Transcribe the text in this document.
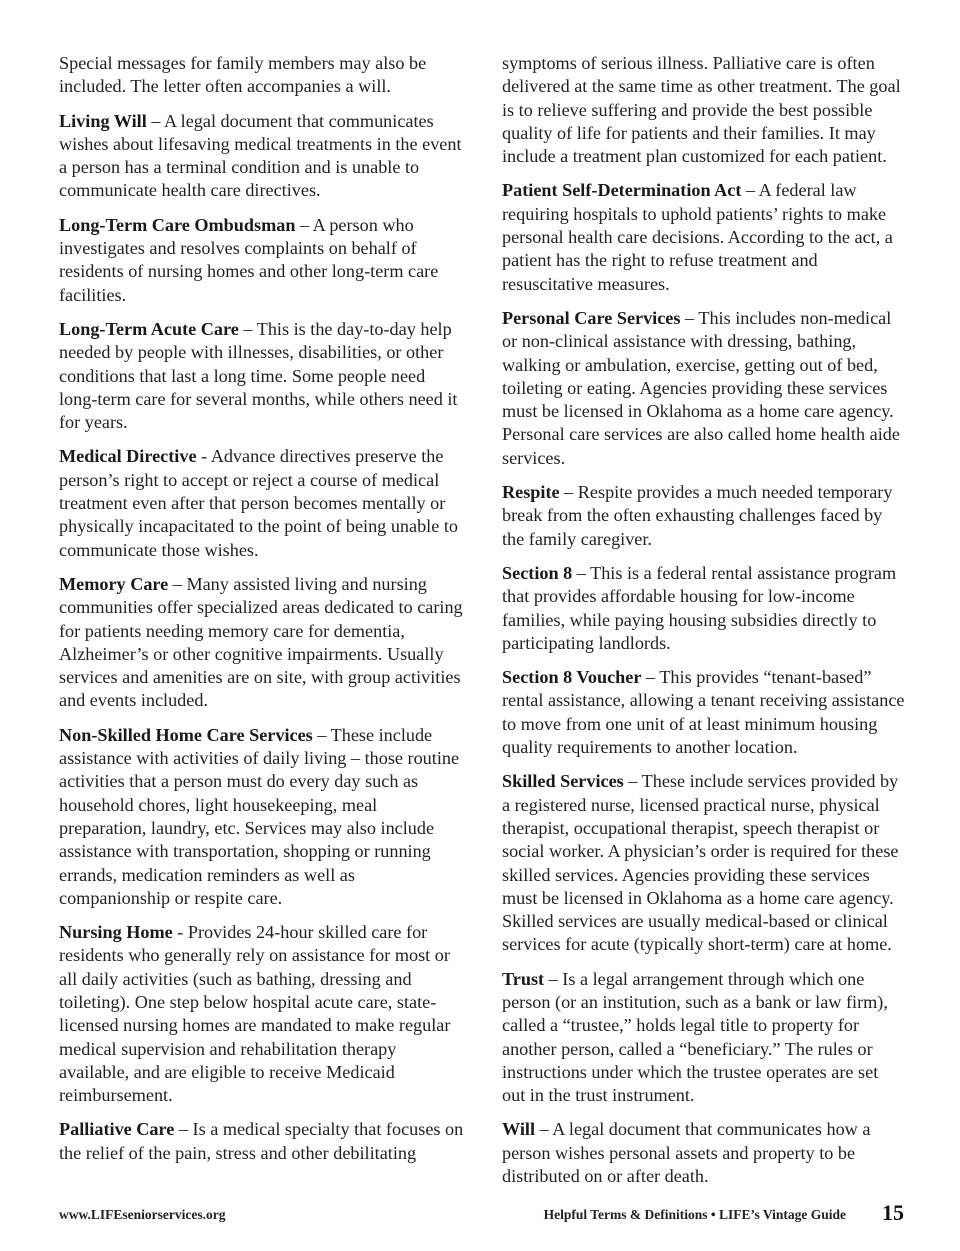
Special messages for family members may also be included. The letter often accompanies a will.

Living Will – A legal document that communicates wishes about lifesaving medical treatments in the event a person has a terminal condition and is unable to communicate health care directives.

Long-Term Care Ombudsman – A person who investigates and resolves complaints on behalf of residents of nursing homes and other long-term care facilities.

Long-Term Acute Care – This is the day-to-day help needed by people with illnesses, disabilities, or other conditions that last a long time. Some people need long-term care for several months, while others need it for years.

Medical Directive - Advance directives preserve the person’s right to accept or reject a course of medical treatment even after that person becomes mentally or physically incapacitated to the point of being unable to communicate those wishes.

Memory Care – Many assisted living and nursing communities offer specialized areas dedicated to caring for patients needing memory care for dementia, Alzheimer’s or other cognitive impairments. Usually services and amenities are on site, with group activities and events included.

Non-Skilled Home Care Services – These include assistance with activities of daily living – those routine activities that a person must do every day such as household chores, light housekeeping, meal preparation, laundry, etc. Services may also include assistance with transportation, shopping or running errands, medication reminders as well as companionship or respite care.

Nursing Home - Provides 24-hour skilled care for residents who generally rely on assistance for most or all daily activities (such as bathing, dressing and toileting). One step below hospital acute care, state-licensed nursing homes are mandated to make regular medical supervision and rehabilitation therapy available, and are eligible to receive Medicaid reimbursement.

Palliative Care – Is a medical specialty that focuses on the relief of the pain, stress and other debilitating

symptoms of serious illness. Palliative care is often delivered at the same time as other treatment. The goal is to relieve suffering and provide the best possible quality of life for patients and their families. It may include a treatment plan customized for each patient.

Patient Self-Determination Act – A federal law requiring hospitals to uphold patients’ rights to make personal health care decisions. According to the act, a patient has the right to refuse treatment and resuscitative measures.

Personal Care Services – This includes non-medical or non-clinical assistance with dressing, bathing, walking or ambulation, exercise, getting out of bed, toileting or eating. Agencies providing these services must be licensed in Oklahoma as a home care agency. Personal care services are also called home health aide services.

Respite – Respite provides a much needed temporary break from the often exhausting challenges faced by the family caregiver.

Section 8 – This is a federal rental assistance program that provides affordable housing for low-income families, while paying housing subsidies directly to participating landlords.

Section 8 Voucher – This provides “tenant-based” rental assistance, allowing a tenant receiving assistance to move from one unit of at least minimum housing quality requirements to another location.

Skilled Services – These include services provided by a registered nurse, licensed practical nurse, physical therapist, occupational therapist, speech therapist or social worker. A physician’s order is required for these skilled services. Agencies providing these services must be licensed in Oklahoma as a home care agency. Skilled services are usually medical-based or clinical services for acute (typically short-term) care at home.

Trust – Is a legal arrangement through which one person (or an institution, such as a bank or law firm), called a “trustee,” holds legal title to property for another person, called a “beneficiary.” The rules or instructions under which the trustee operates are set out in the trust instrument.

Will – A legal document that communicates how a person wishes personal assets and property to be distributed on or after death.

www.LIFEseniorservices.org	Helpful Terms & Definitions • LIFE’s Vintage Guide 15
